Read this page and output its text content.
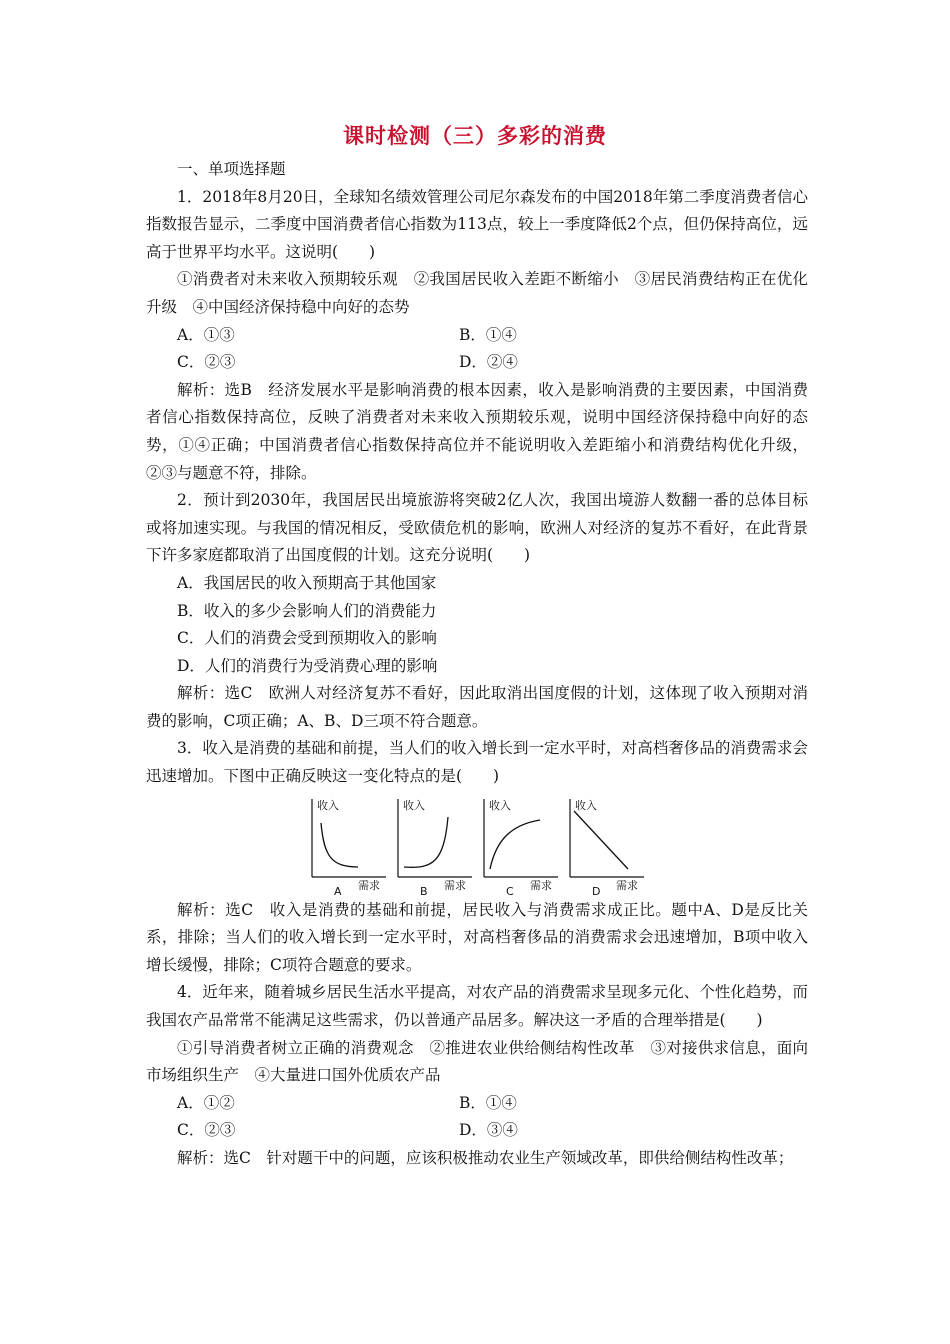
课时检测（三）多彩的消费

一、单项选择题

1．2018年8月20日，全球知名绩效管理公司尼尔森发布的中国2018年第二季度消费者信心指数报告显示，二季度中国消费者信心指数为113点，较上一季度降低2个点，但仍保持高位，远高于世界平均水平。这说明(　　)

①消费者对未来收入预期较乐观　②我国居民收入差距不断缩小　③居民消费结构正在优化升级　④中国经济保持稳中向好的态势

A．①③	B．①④
C．②③	D．②④

解析：选B　经济发展水平是影响消费的根本因素，收入是影响消费的主要因素，中国消费者信心指数保持高位，反映了消费者对未来收入预期较乐观，说明中国经济保持稳中向好的态势，①④正确；中国消费者信心指数保持高位并不能说明收入差距缩小和消费结构优化升级，②③与题意不符，排除。

2．预计到2030年，我国居民出境旅游将突破2亿人次，我国出境游人数翻一番的总体目标或将加速实现。与我国的情况相反，受欧债危机的影响，欧洲人对经济的复苏不看好，在此背景下许多家庭都取消了出国度假的计划。这充分说明(　　)

A．我国居民的收入预期高于其他国家
B．收入的多少会影响人们的消费能力
C．人们的消费会受到预期收入的影响
D．人们的消费行为受消费心理的影响

解析：选C　欧洲人对经济复苏不看好，因此取消出国度假的计划，这体现了收入预期对消费的影响，C项正确；A、B、D三项不符合题意。

3．收入是消费的基础和前提，当人们的收入增长到一定水平时，对高档奢侈品的消费需求会迅速增加。下图中正确反映这一变化特点的是(　　)

收入
需求
A
收入
需求
B
收入
需求
C
收入
需求
D

解析：选C　收入是消费的基础和前提，居民收入与消费需求成正比。题中A、D是反比关系，排除；当人们的收入增长到一定水平时，对高档奢侈品的消费需求会迅速增加，B项中收入增长缓慢，排除；C项符合题意的要求。

4．近年来，随着城乡居民生活水平提高，对农产品的消费需求呈现多元化、个性化趋势，而我国农产品常常不能满足这些需求，仍以普通产品居多。解决这一矛盾的合理举措是(　　)

①引导消费者树立正确的消费观念　②推进农业供给侧结构性改革　③对接供求信息，面向市场组织生产　④大量进口国外优质农产品

A．①②	B．①④
C．②③	D．③④

解析：选C　针对题干中的问题，应该积极推动农业生产领域改革，即供给侧结构性改革；
